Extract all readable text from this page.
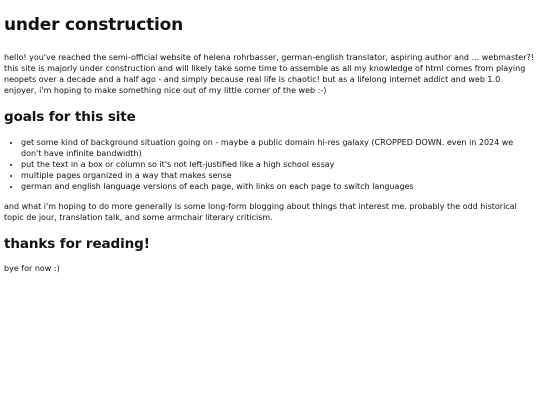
under construction

hello! you've reached the semi-official website of helena rohrbasser, german-english translator, aspiring author and ... webmaster?! this site is majorly under construction and will likely take some time to assemble as all my knowledge of html comes from playing neopets over a decade and a half ago - and simply because real life is chaotic! but as a lifelong internet addict and web 1.0 enjoyer, i'm hoping to make something nice out of my little corner of the web :-)

goals for this site
• get some kind of background situation going on - maybe a public domain hi-res galaxy (CROPPED DOWN. even in 2024 we don't have infinite bandwidth)
• put the text in a box or column so it's not left-justified like a high school essay
• multiple pages organized in a way that makes sense
• german and english language versions of each page, with links on each page to switch languages

and what i'm hoping to do more generally is some long-form blogging about things that interest me. probably the odd historical topic de jour, translation talk, and some armchair literary criticism.

thanks for reading!

bye for now :)
